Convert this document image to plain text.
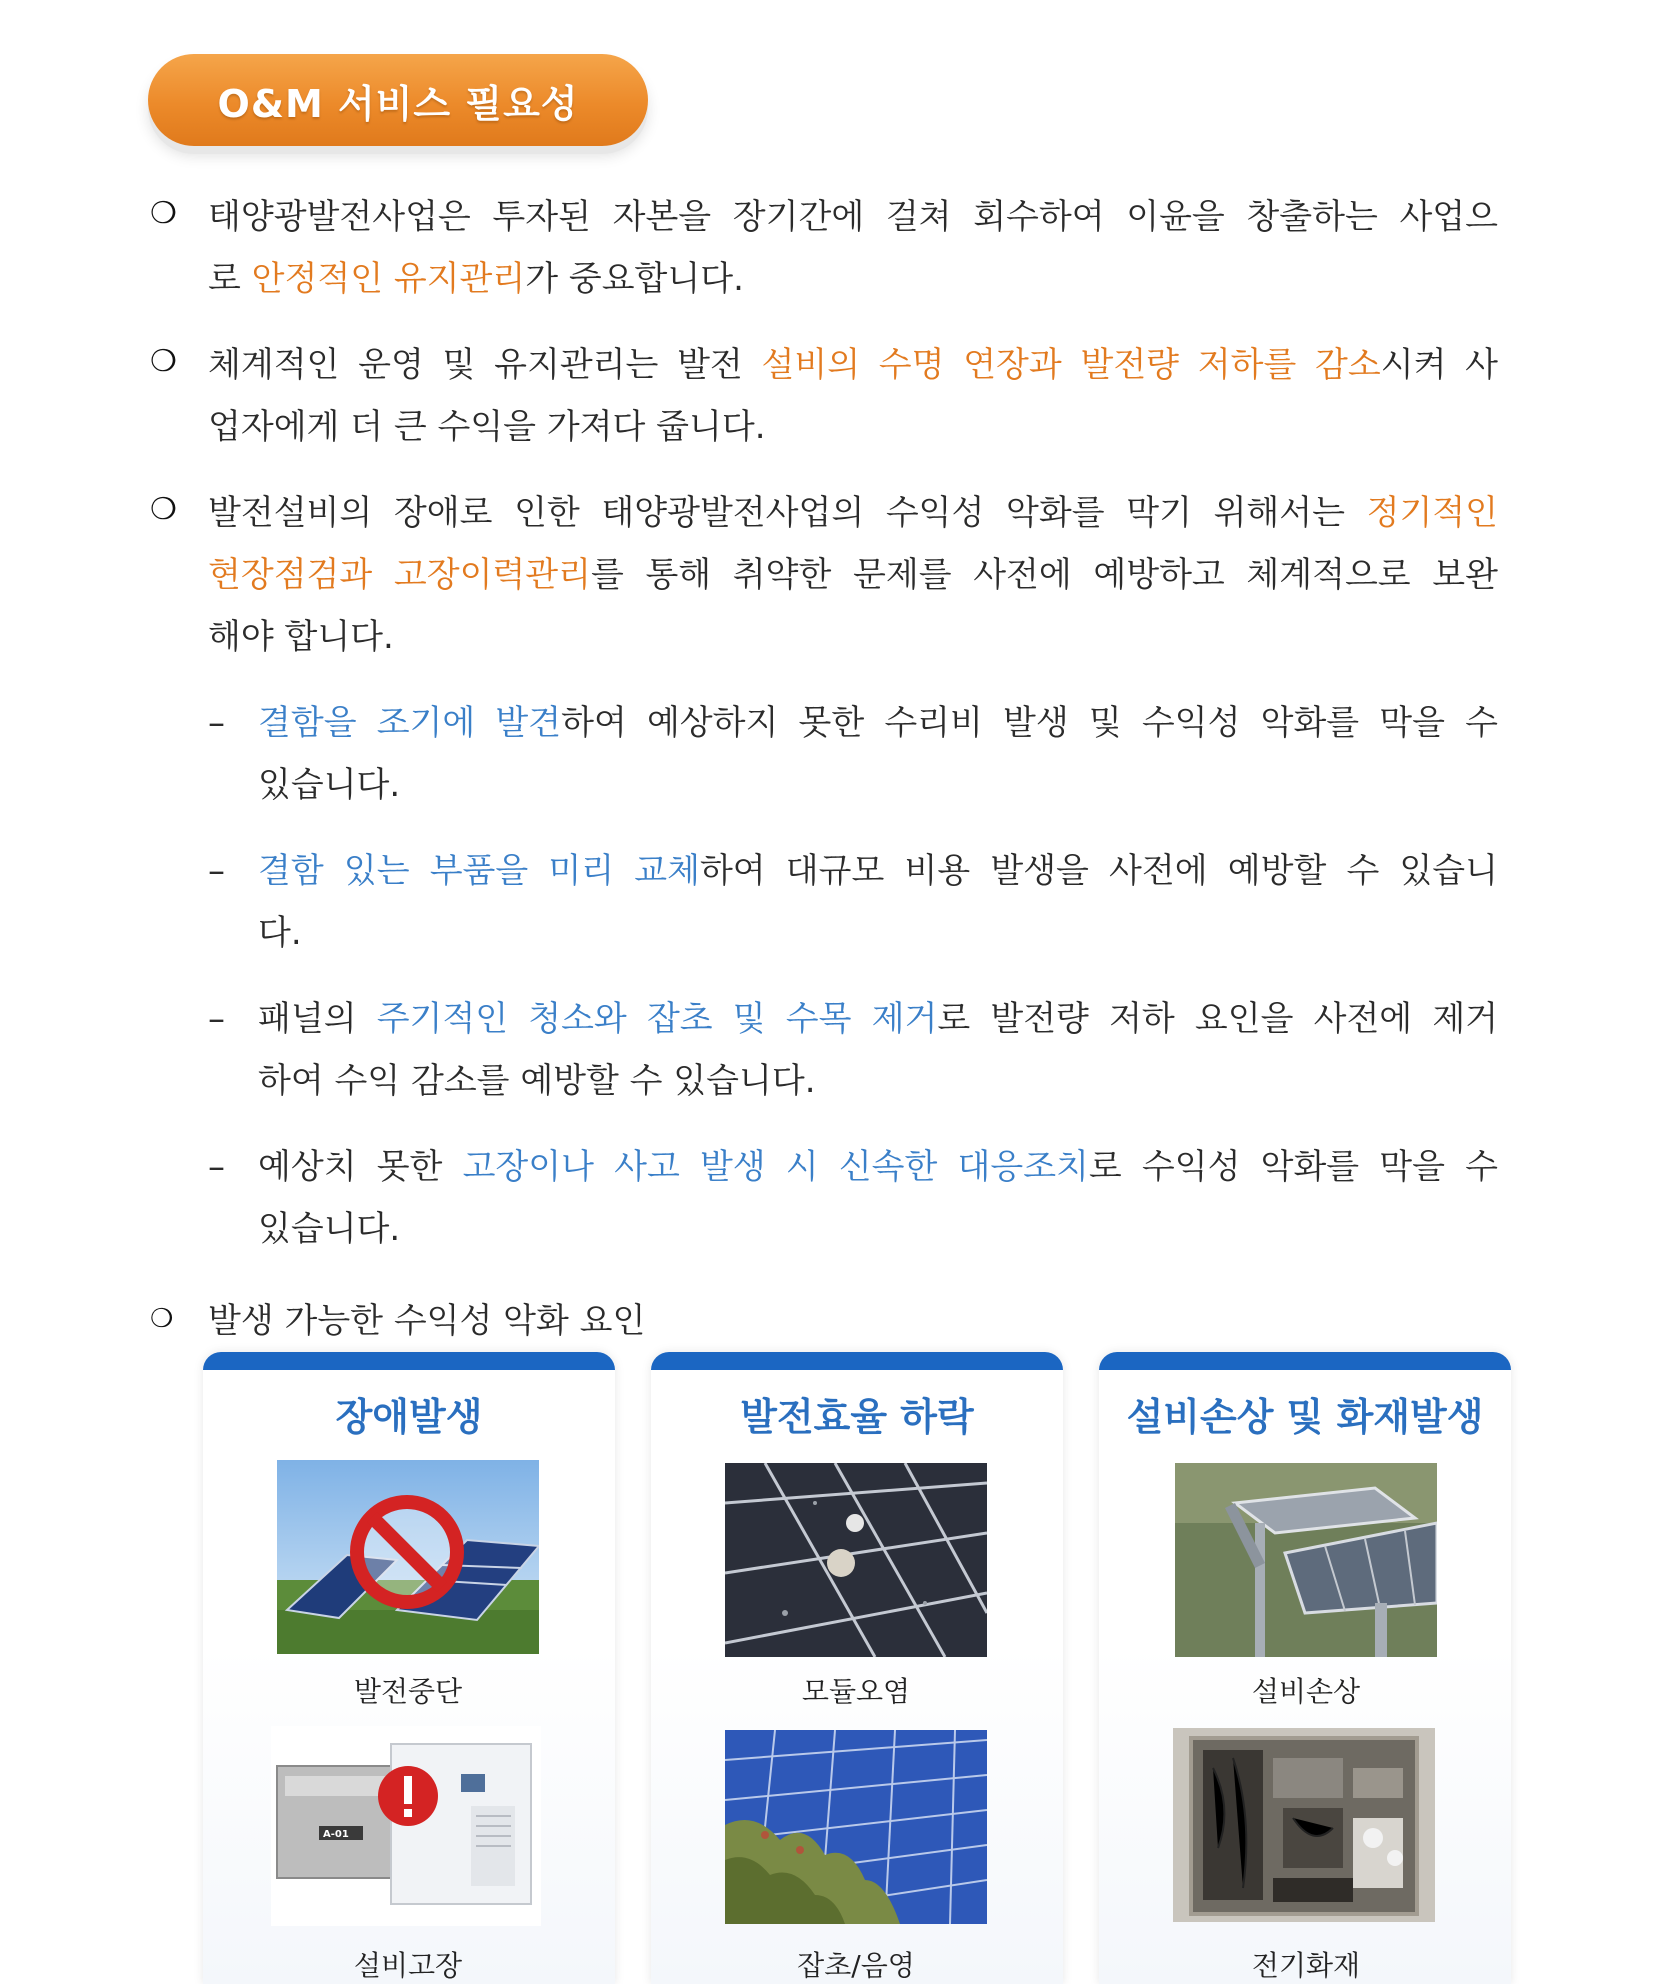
O&M 서비스 필요성
❍ 태양광발전사업은 투자된 자본을 장기간에 걸쳐 회수하여 이윤을 창출하는 사업으
로 안정적인 유지관리가 중요합니다.
❍ 체계적인 운영 및 유지관리는 발전 설비의 수명 연장과 발전량 저하를 감소시켜 사
업자에게 더 큰 수익을 가져다 줍니다.
❍ 발전설비의 장애로 인한 태양광발전사업의 수익성 악화를 막기 위해서는 정기적인
현장점검과 고장이력관리를 통해 취약한 문제를 사전에 예방하고 체계적으로 보완
해야 합니다.
– 결함을 조기에 발견하여 예상하지 못한 수리비 발생 및 수익성 악화를 막을 수
있습니다.
– 결함 있는 부품을 미리 교체하여 대규모 비용 발생을 사전에 예방할 수 있습니
다.
– 패널의 주기적인 청소와 잡초 및 수목 제거로 발전량 저하 요인을 사전에 제거
하여 수익 감소를 예방할 수 있습니다.
– 예상치 못한 고장이나 사고 발생 시 신속한 대응조치로 수익성 악화를 막을 수
있습니다.
❍ 발생 가능한 수익성 악화 요인
장애발생
발전중단
A-01
설비고장
발전효율 하락
모듈오염
잡초/음영
설비손상 및 화재발생
설비손상
전기화재
